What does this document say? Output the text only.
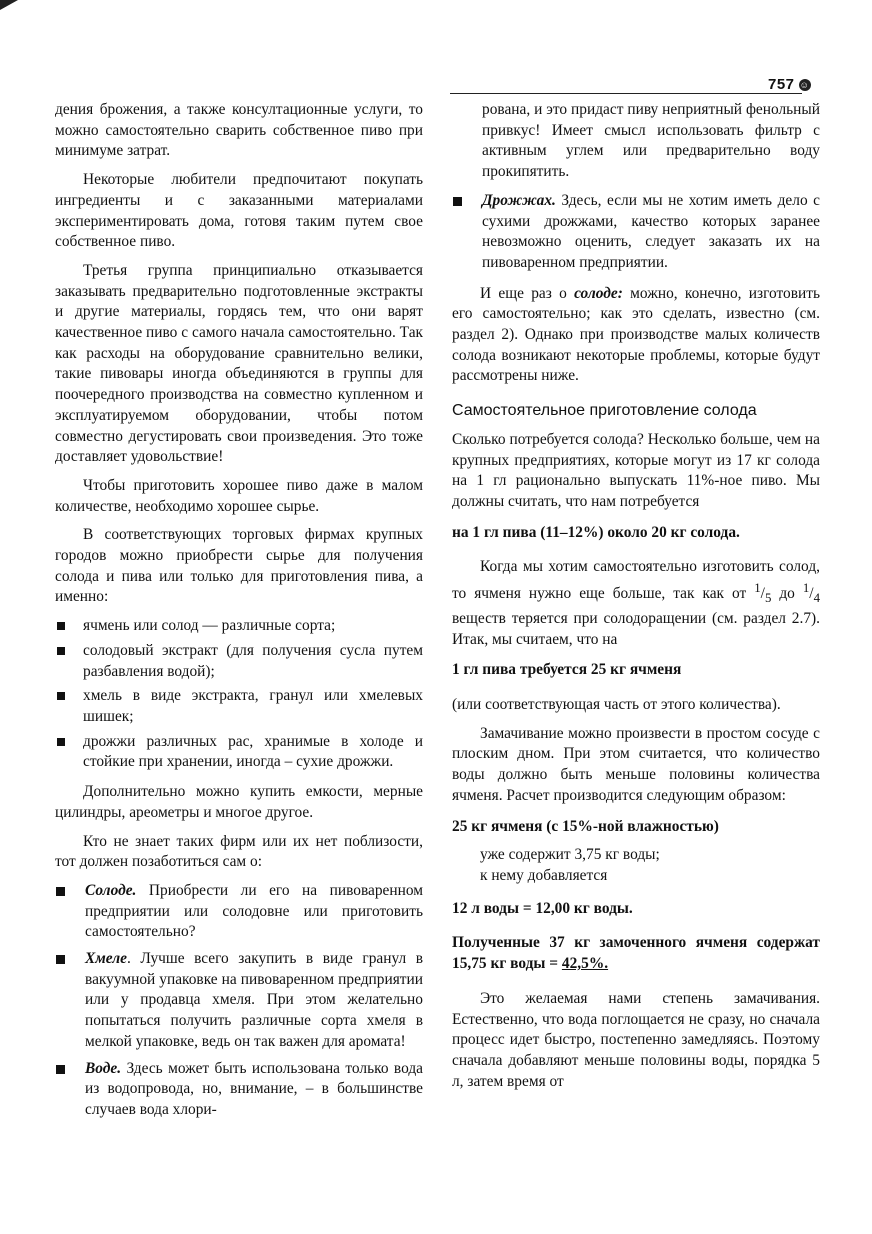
757 ☺

дения брожения, а также консултационные услуги, то можно самостоятельно сварить собственное пиво при минимуме затрат.

Некоторые любители предпочитают покупать ингредиенты и с заказанными материалами экспериментировать дома, готовя таким путем свое собственное пиво.

Третья группа принципиально отказывается заказывать предварительно подготовленные экстракты и другие материалы, гордясь тем, что они варят качественное пиво с самого начала самостоятельно. Так как расходы на оборудование сравнительно велики, такие пивовары иногда объединяются в группы для поочередного производства на совместно купленном и эксплуатируемом оборудовании, чтобы потом совместно дегустировать свои произведения. Это тоже доставляет удовольствие!

Чтобы приготовить хорошее пиво даже в малом количестве, необходимо хорошее сырье.

В соответствующих торговых фирмах крупных городов можно приобрести сырье для получения солода и пива или только для приготовления пива, а именно:

ячмень или солод — различные сорта;
солодовый экстракт (для получения сусла путем разбавления водой);
хмель в виде экстракта, гранул или хмелевых шишек;
дрожжи различных рас, хранимые в холоде и стойкие при хранении, иногда – сухие дрожжи.

Дополнительно можно купить емкости, мерные цилиндры, ареометры и многое другое.

Кто не знает таких фирм или их нет поблизости, тот должен позаботиться сам о:

Солоде. Приобрести ли его на пивоваренном предприятии или солодовне или приготовить самостоятельно?
Хмеле. Лучше всего закупить в виде гранул в вакуумной упаковке на пивоваренном предприятии или у продавца хмеля. При этом желательно попытаться получить различные сорта хмеля в мелкой упаковке, ведь он так важен для аромата!
Воде. Здесь может быть использована только вода из водопровода, но, внимание, – в большинстве случаев вода хлори-

рована, и это придаст пиву неприятный фенольный привкус! Имеет смысл использовать фильтр с активным углем или предварительно воду прокипятить.

Дрожжах. Здесь, если мы не хотим иметь дело с сухими дрожжами, качество которых заранее невозможно оценить, следует заказать их на пивоваренном предприятии.

И еще раз о солоде: можно, конечно, изготовить его самостоятельно; как это сделать, известно (см. раздел 2). Однако при производстве малых количеств солода возникают некоторые проблемы, которые будут рассмотрены ниже.

Самостоятельное приготовление солода

Сколько потребуется солода? Несколько больше, чем на крупных предприятиях, которые могут из 17 кг солода на 1 гл рационально выпускать 11%-ное пиво. Мы должны считать, что нам потребуется

на 1 гл пива (11–12%) около 20 кг солода.

Когда мы хотим самостоятельно изготовить солод, то ячменя нужно еще больше, так как от $^1/_5$ до $^1/_4$ веществ теряется при солодоращении (см. раздел 2.7). Итак, мы считаем, что на

1 гл пива требуется 25 кг ячменя

(или соответствующая часть от этого количества).

Замачивание можно произвести в простом сосуде с плоским дном. При этом считается, что количество воды должно быть меньше половины количества ячменя. Расчет производится следующим образом:

25 кг ячменя (с 15%-ной влажностью)
уже содержит 3,75 кг воды;
к нему добавляется
12 л воды = 12,00 кг воды.
Полученные 37 кг замоченного ячменя содержат 15,75 кг воды = 42,5%.

Это желаемая нами степень замачивания. Естественно, что вода поглощается не сразу, но сначала процесс идет быстро, постепенно замедляясь. Поэтому сначала добавляют меньше половины воды, порядка 5 л, затем время от
